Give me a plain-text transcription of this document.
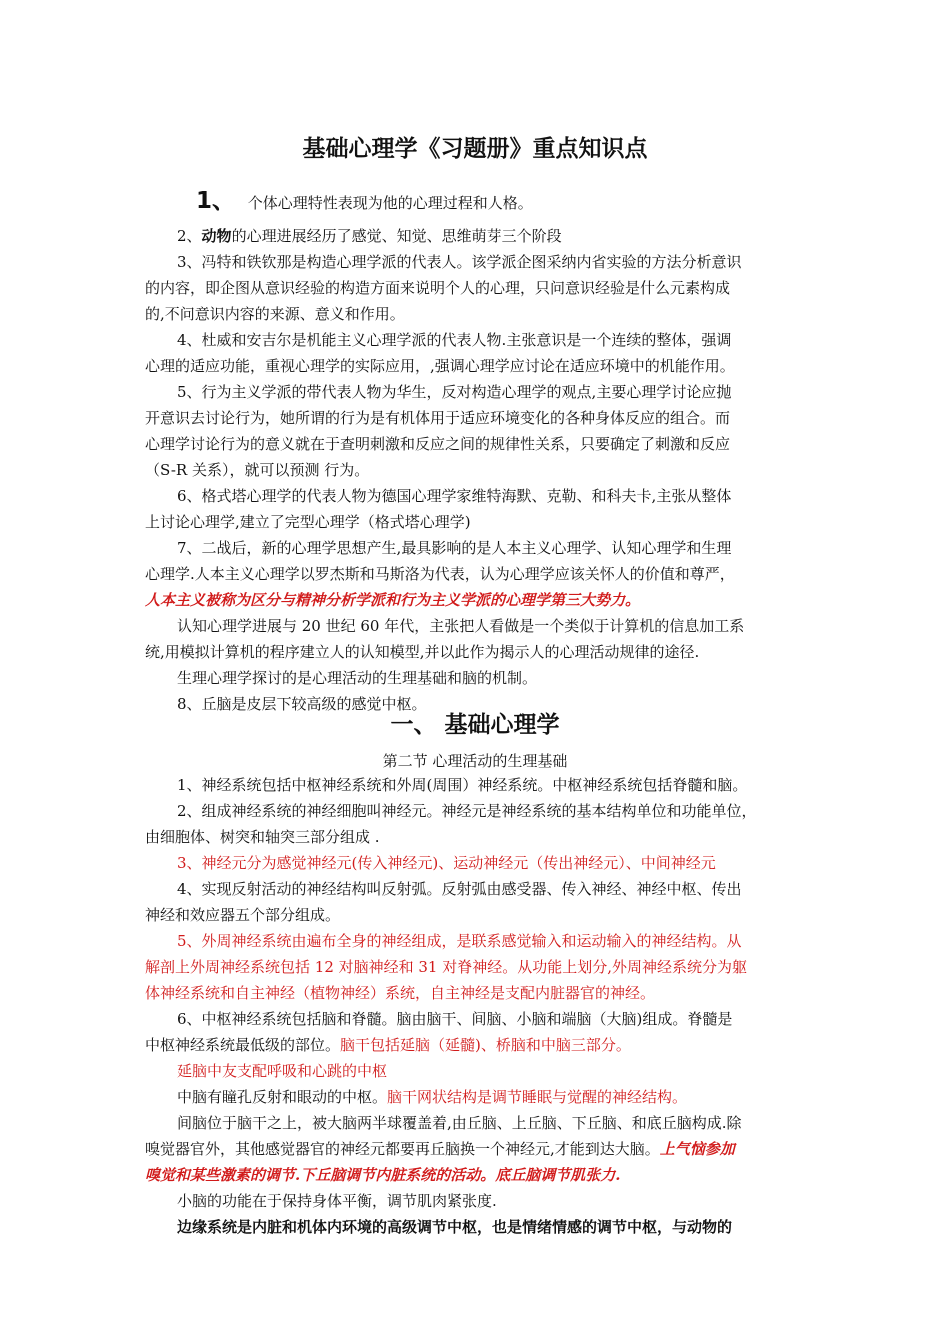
基础心理学《习题册》重点知识点
1、 个体心理特性表现为他的心理过程和人格。
2、动物的心理进展经历了感觉、知觉、思维萌芽三个阶段
3、冯特和铁钦那是构造心理学派的代表人。该学派企图采纳内省实验的方法分析意识
的内容，即企图从意识经验的构造方面来说明个人的心理，只问意识经验是什么元素构成
的,不问意识内容的来源、意义和作用。
4、杜威和安吉尔是机能主义心理学派的代表人物.主张意识是一个连续的整体，强调
心理的适应功能，重视心理学的实际应用，,强调心理学应讨论在适应环境中的机能作用。
5、行为主义学派的带代表人物为华生，反对构造心理学的观点,主要心理学讨论应抛
开意识去讨论行为，她所谓的行为是有机体用于适应环境变化的各种身体反应的组合。而
心理学讨论行为的意义就在于查明刺激和反应之间的规律性关系，只要确定了刺激和反应
（S-R 关系），就可以预测 行为。
6、格式塔心理学的代表人物为德国心理学家维特海默、克勒、和科夫卡,主张从整体
上讨论心理学,建立了完型心理学（格式塔心理学)
7、二战后，新的心理学思想产生,最具影响的是人本主义心理学、认知心理学和生理
心理学.人本主义心理学以罗杰斯和马斯洛为代表，认为心理学应该关怀人的价值和尊严，
人本主义被称为区分与精神分析学派和行为主义学派的心理学第三大势力。
认知心理学进展与 20 世纪 60 年代，主张把人看做是一个类似于计算机的信息加工系
统,用模拟计算机的程序建立人的认知模型,并以此作为揭示人的心理活动规律的途径.
生理心理学探讨的是心理活动的生理基础和脑的机制。
8、丘脑是皮层下较高级的感觉中枢。
一、 基础心理学
第二节 心理活动的生理基础
1、神经系统包括中枢神经系统和外周(周围）神经系统。中枢神经系统包括脊髓和脑。
2、组成神经系统的神经细胞叫神经元。神经元是神经系统的基本结构单位和功能单位，
由细胞体、树突和轴突三部分组成 .
3、神经元分为感觉神经元(传入神经元)、运动神经元（传出神经元）、中间神经元
4、实现反射活动的神经结构叫反射弧。反射弧由感受器、传入神经、神经中枢、传出
神经和效应器五个部分组成。
5、外周神经系统由遍布全身的神经组成，是联系感觉输入和运动输入的神经结构。从
解剖上外周神经系统包括 12 对脑神经和 31 对脊神经。从功能上划分,外周神经系统分为躯
体神经系统和自主神经（植物神经）系统，自主神经是支配内脏器官的神经。
6、中枢神经系统包括脑和脊髓。脑由脑干、间脑、小脑和端脑（大脑)组成。脊髓是
中枢神经系统最低级的部位。脑干包括延脑（延髓)、桥脑和中脑三部分。
延脑中友支配呼吸和心跳的中枢
中脑有瞳孔反射和眼动的中枢。脑干网状结构是调节睡眠与觉醒的神经结构。
间脑位于脑干之上，被大脑两半球覆盖着,由丘脑、上丘脑、下丘脑、和底丘脑构成.除
嗅觉器官外，其他感觉器官的神经元都要再丘脑换一个神经元,才能到达大脑。上气恼参加
嗅觉和某些激素的调节.下丘脑调节内脏系统的活动。底丘脑调节肌张力.
小脑的功能在于保持身体平衡，调节肌肉紧张度.
边缘系统是内脏和机体内环境的高级调节中枢，也是情绪情感的调节中枢，与动物的
